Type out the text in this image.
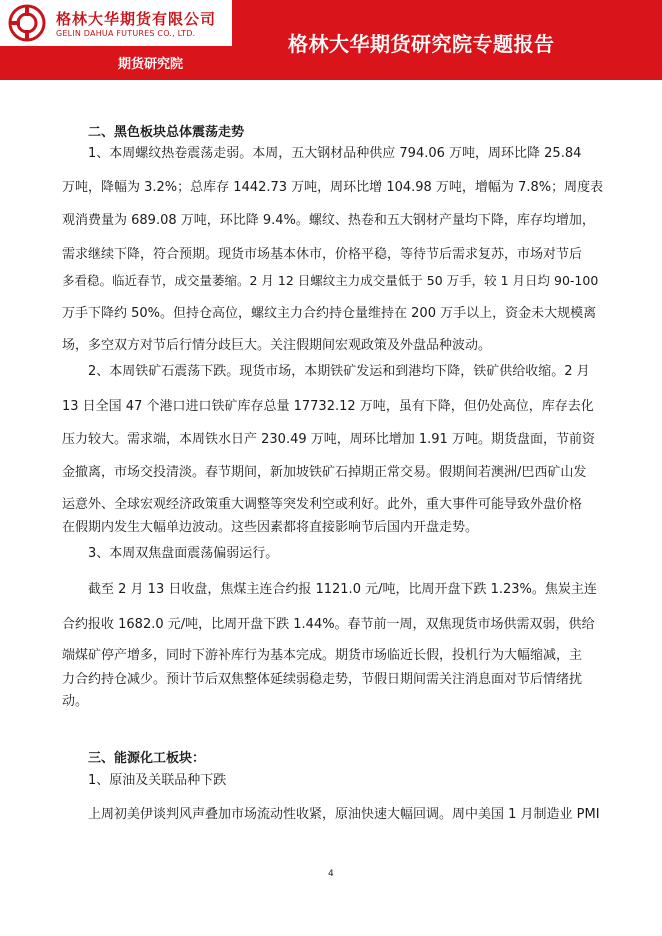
格林大华期货有限公司
GELIN DAHUA FUTURES CO., LTD.
期货研究院
格林大华期货研究院专题报告
二、黑色板块总体震荡走势
1、本周螺纹热卷震荡走弱。本周，五大钢材品种供应 794.06 万吨，周环比降 25.84
万吨，降幅为 3.2%；总库存 1442.73 万吨，周环比增 104.98 万吨，增幅为 7.8%；周度表
观消费量为 689.08 万吨，环比降 9.4%。螺纹、热卷和五大钢材产量均下降，库存均增加，
需求继续下降，符合预期。现货市场基本休市，价格平稳，等待节后需求复苏，市场对节后
多看稳。临近春节，成交量萎缩。2 月 12 日螺纹主力成交量低于 50 万手，较 1 月日均 90-100
万手下降约 50%。但持仓高位，螺纹主力合约持仓量维持在 200 万手以上，资金未大规模离
场，多空双方对节后行情分歧巨大。关注假期间宏观政策及外盘品种波动。
2、本周铁矿石震荡下跌。现货市场，本期铁矿发运和到港均下降，铁矿供给收缩。2 月
13 日全国 47 个港口进口铁矿库存总量 17732.12 万吨，虽有下降，但仍处高位，库存去化
压力较大。需求端，本周铁水日产 230.49 万吨，周环比增加 1.91 万吨。期货盘面，节前资
金撤离，市场交投清淡。春节期间，新加坡铁矿石掉期正常交易。假期间若澳洲/巴西矿山发
运意外、全球宏观经济政策重大调整等突发利空或利好。此外，重大事件可能导致外盘价格
在假期内发生大幅单边波动。这些因素都将直接影响节后国内开盘走势。
3、本周双焦盘面震荡偏弱运行。
截至 2 月 13 日收盘，焦煤主连合约报 1121.0 元/吨，比周开盘下跌 1.23%。焦炭主连
合约报收 1682.0 元/吨，比周开盘下跌 1.44%。春节前一周，双焦现货市场供需双弱，供给
端煤矿停产增多，同时下游补库行为基本完成。期货市场临近长假，投机行为大幅缩减，主
力合约持仓减少。预计节后双焦整体延续弱稳走势，节假日期间需关注消息面对节后情绪扰
动。
三、能源化工板块：
1、原油及关联品种下跌
上周初美伊谈判风声叠加市场流动性收紧，原油快速大幅回调。周中美国 1 月制造业 PMI
4
